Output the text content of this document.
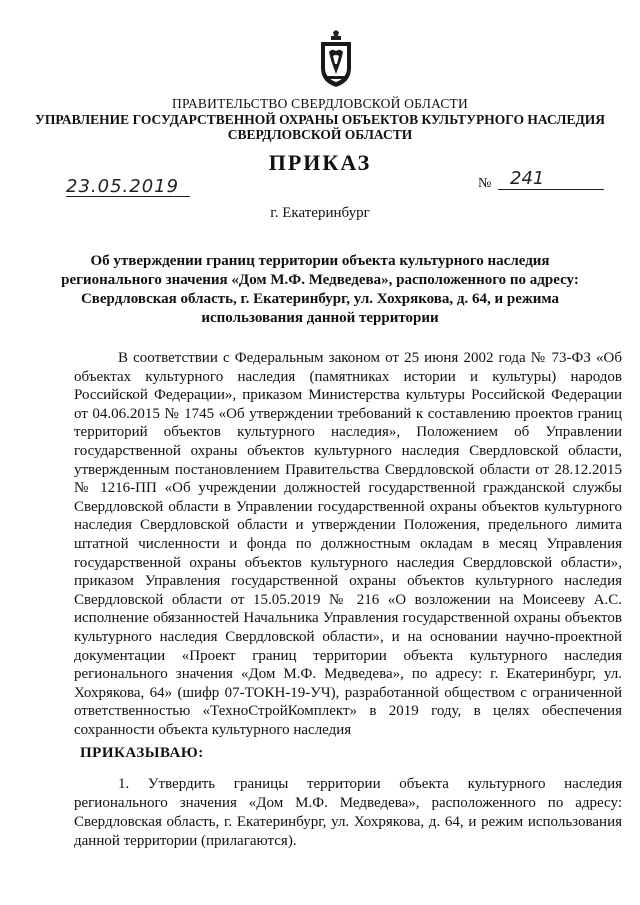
ПРАВИТЕЛЬСТВО СВЕРДЛОВСКОЙ ОБЛАСТИ
УПРАВЛЕНИЕ ГОСУДАРСТВЕННОЙ ОХРАНЫ ОБЪЕКТОВ КУЛЬТУРНОГО НАСЛЕДИЯ СВЕРДЛОВСКОЙ ОБЛАСТИ
ПРИКАЗ
23.05.2019	№ 241
г. Екатеринбург
Об утверждении границ территории объекта культурного наследия регионального значения «Дом М.Ф. Медведева», расположенного по адресу: Свердловская область, г. Екатеринбург, ул. Хохрякова, д. 64, и режима использования данной территории
В соответствии с Федеральным законом от 25 июня 2002 года № 73-ФЗ «Об объектах культурного наследия (памятниках истории и культуры) народов Российской Федерации», приказом Министерства культуры Российской Федерации от 04.06.2015 № 1745 «Об утверждении требований к составлению проектов границ территорий объектов культурного наследия», Положением об Управлении государственной охраны объектов культурного наследия Свердловской области, утвержденным постановлением Правительства Свердловской области от 28.12.2015 № 1216-ПП «Об учреждении должностей государственной гражданской службы Свердловской области в Управлении государственной охраны объектов культурного наследия Свердловской области и утверждении Положения, предельного лимита штатной численности и фонда по должностным окладам в месяц Управления государственной охраны объектов культурного наследия Свердловской области», приказом Управления государственной охраны объектов культурного наследия Свердловской области от 15.05.2019 № 216 «О возложении на Моисееву А.С. исполнение обязанностей Начальника Управления государственной охраны объектов культурного наследия Свердловской области», и на основании научно-проектной документации «Проект границ территории объекта культурного наследия регионального значения «Дом М.Ф. Медведева», по адресу: г. Екатеринбург, ул. Хохрякова, 64» (шифр 07-ТОКН-19-УЧ), разработанной обществом с ограниченной ответственностью «ТехноСтройКомплект» в 2019 году, в целях обеспечения сохранности объекта культурного наследия
ПРИКАЗЫВАЮ:
1. Утвердить границы территории объекта культурного наследия регионального значения «Дом М.Ф. Медведева», расположенного по адресу: Свердловская область, г. Екатеринбург, ул. Хохрякова, д. 64, и режим использования данной территории (прилагаются).
